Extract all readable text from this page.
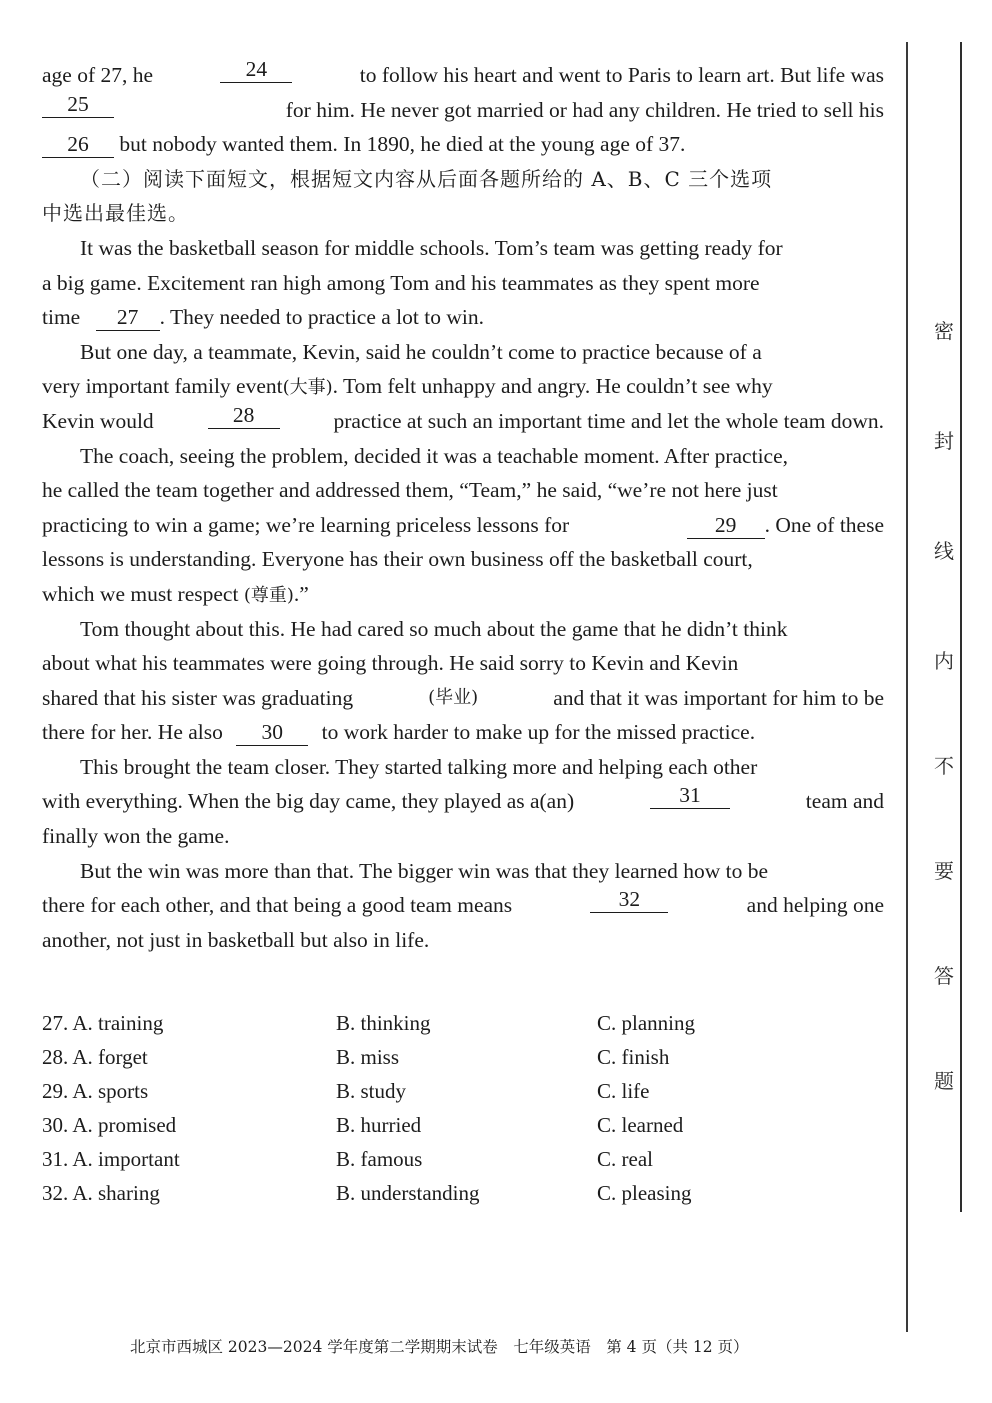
age of 27, he	24	to follow his heart and went to Paris to learn art. But life was
25	for him. He never got married or had any children. He tried to sell his
26 but nobody wanted them. In 1890, he died at the young age of 37.
（二）阅读下面短文，根据短文内容从后面各题所给的 A、B、C 三个选项
中选出最佳选。
It was the basketball season for middle schools. Tom’s team was getting ready for
a big game. Excitement ran high among Tom and his teammates as they spent more
time 27 . They needed to practice a lot to win.
But one day, a teammate, Kevin, said he couldn’t come to practice because of a
very important family event(大事). Tom felt unhappy and angry. He couldn’t see why
Kevin would	28	practice at such an important time and let the whole team down.
The coach, seeing the problem, decided it was a teachable moment. After practice,
he called the team together and addressed them, “Team,” he said, “we’re not here just
practicing to win a game; we’re learning priceless lessons for	29 . One of these
lessons is understanding. Everyone has their own business off the basketball court,
which we must respect (尊重).”
Tom thought about this. He had cared so much about the game that he didn’t think
about what his teammates were going through. He said sorry to Kevin and Kevin
shared that his sister was graduating	(毕业)	and that it was important for him to be
there for her. He also 30 to work harder to make up for the missed practice.
This brought the team closer. They started talking more and helping each other
with everything. When the big day came, they played as a(an)	31	team and
finally won the game.
But the win was more than that. The bigger win was that they learned how to be
there for each other, and that being a good team means	32	and helping one
another, not just in basketball but also in life.
27. A. training	B. thinking	C. planning
28. A. forget	B. miss	C. finish
29. A. sports	B. study	C. life
30. A. promised	B. hurried	C. learned
31. A. important	B. famous	C. real
32. A. sharing	B. understanding	C. pleasing
北京市西城区 2023—2024 学年度第二学期期末试卷　七年级英语　第 4 页（共 12 页）
密
封
线
内
不
要
答
题
